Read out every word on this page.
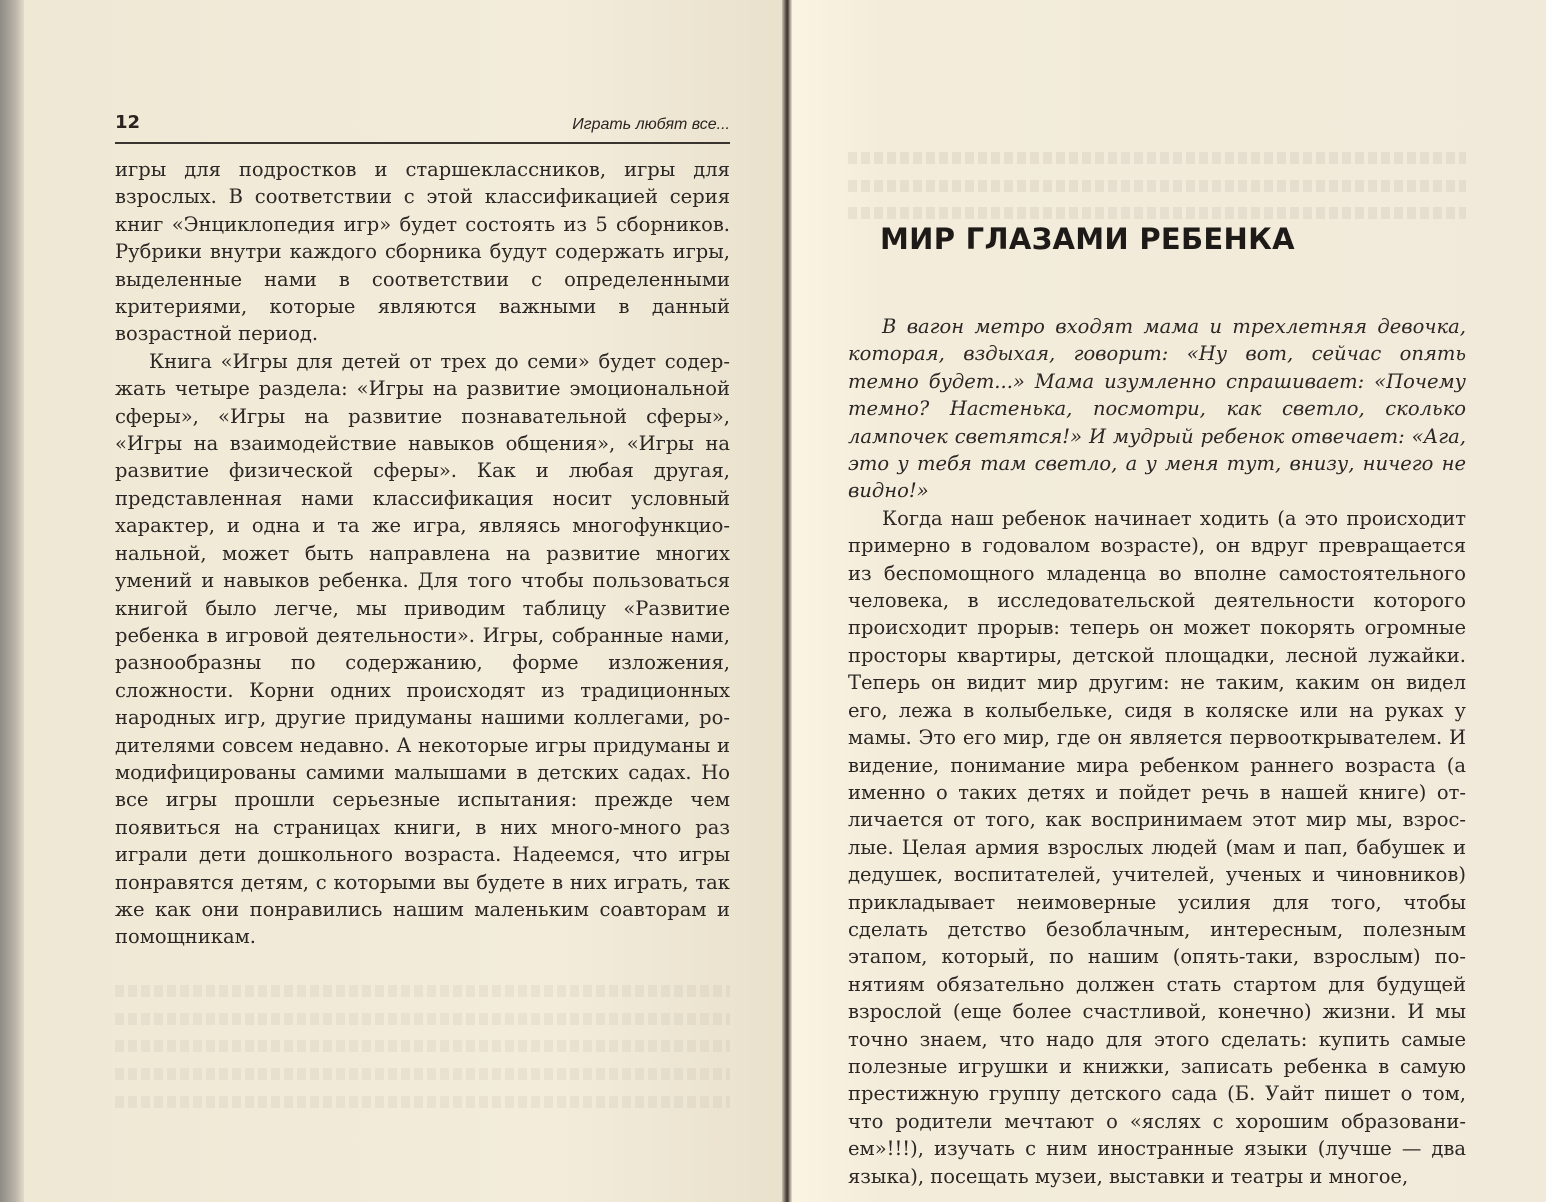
12	Играть любят все...

игры для подростков и старшеклассников, игры для взрослых. В соответствии с этой классификацией серия книг «Энциклопедия игр» будет состоять из 5 сборников. Рубрики внутри каждого сборника будут содержать игры, выделенные нами в соответствии с определенными критериями, которые являются важными в данный возрастной период.

Книга «Игры для детей от трех до семи» будет содержать четыре раздела: «Игры на развитие эмоциональной сферы», «Игры на развитие познавательной сферы», «Игры на взаимодействие навыков общения», «Игры на развитие физической сферы». Как и любая другая, представленная нами классификация носит условный характер, и одна и та же игра, являясь многофункциональной, может быть направлена на развитие многих умений и навыков ребенка. Для того чтобы пользоваться книгой было легче, мы приводим таблицу «Развитие ребенка в игровой деятельности». Игры, собранные нами, разнообразны по содержанию, форме изложения, сложности. Корни одних происходят из традиционных народных игр, другие придуманы нашими коллегами, родителями совсем недавно. А некоторые игры придуманы и модифицированы самими малышами в детских садах. Но все игры прошли серьезные испытания: прежде чем появиться на страницах книги, в них много-много раз играли дети дошкольного возраста. Надеемся, что игры понравятся детям, с которыми вы будете в них играть, так же как они понравились нашим маленьким соавторам и помощникам.

МИР ГЛАЗАМИ РЕБЕНКА

В вагон метро входят мама и трехлетняя девочка, которая, вздыхая, говорит: «Ну вот, сейчас опять темно будет...» Мама изумленно спрашивает: «Почему темно? Настенька, посмотри, как светло, сколько лампочек светятся!» И мудрый ребенок отвечает: «Ага, это у тебя там светло, а у меня тут, внизу, ничего не видно!»

Когда наш ребенок начинает ходить (а это происходит примерно в годовалом возрасте), он вдруг превращается из беспомощного младенца во вполне самостоятельного человека, в исследовательской деятельности которого происходит прорыв: теперь он может покорять огромные просторы квартиры, детской площадки, лесной лужайки. Теперь он видит мир другим: не таким, каким он видел его, лежа в колыбельке, сидя в коляске или на руках у мамы. Это его мир, где он является первооткрывателем. И видение, понимание мира ребенком раннего возраста (а именно о таких детях и пойдет речь в нашей книге) отличается от того, как воспринимаем этот мир мы, взрослые. Целая армия взрослых людей (мам и пап, бабушек и дедушек, воспитателей, учителей, ученых и чиновников) прикладывает неимоверные усилия для того, чтобы сделать детство безоблачным, интересным, полезным этапом, который, по нашим (опять-таки, взрослым) понятиям обязательно должен стать стартом для будущей взрослой (еще более счастливой, конечно) жизни. И мы точно знаем, что надо для этого сделать: купить самые полезные игрушки и книжки, записать ребенка в самую престижную группу детского сада (Б. Уайт пишет о том, что родители мечтают о «яслях с хорошим образованием»!!!), изучать с ним иностранные языки (лучше — два языка), посещать музеи, выставки и театры и многое,
